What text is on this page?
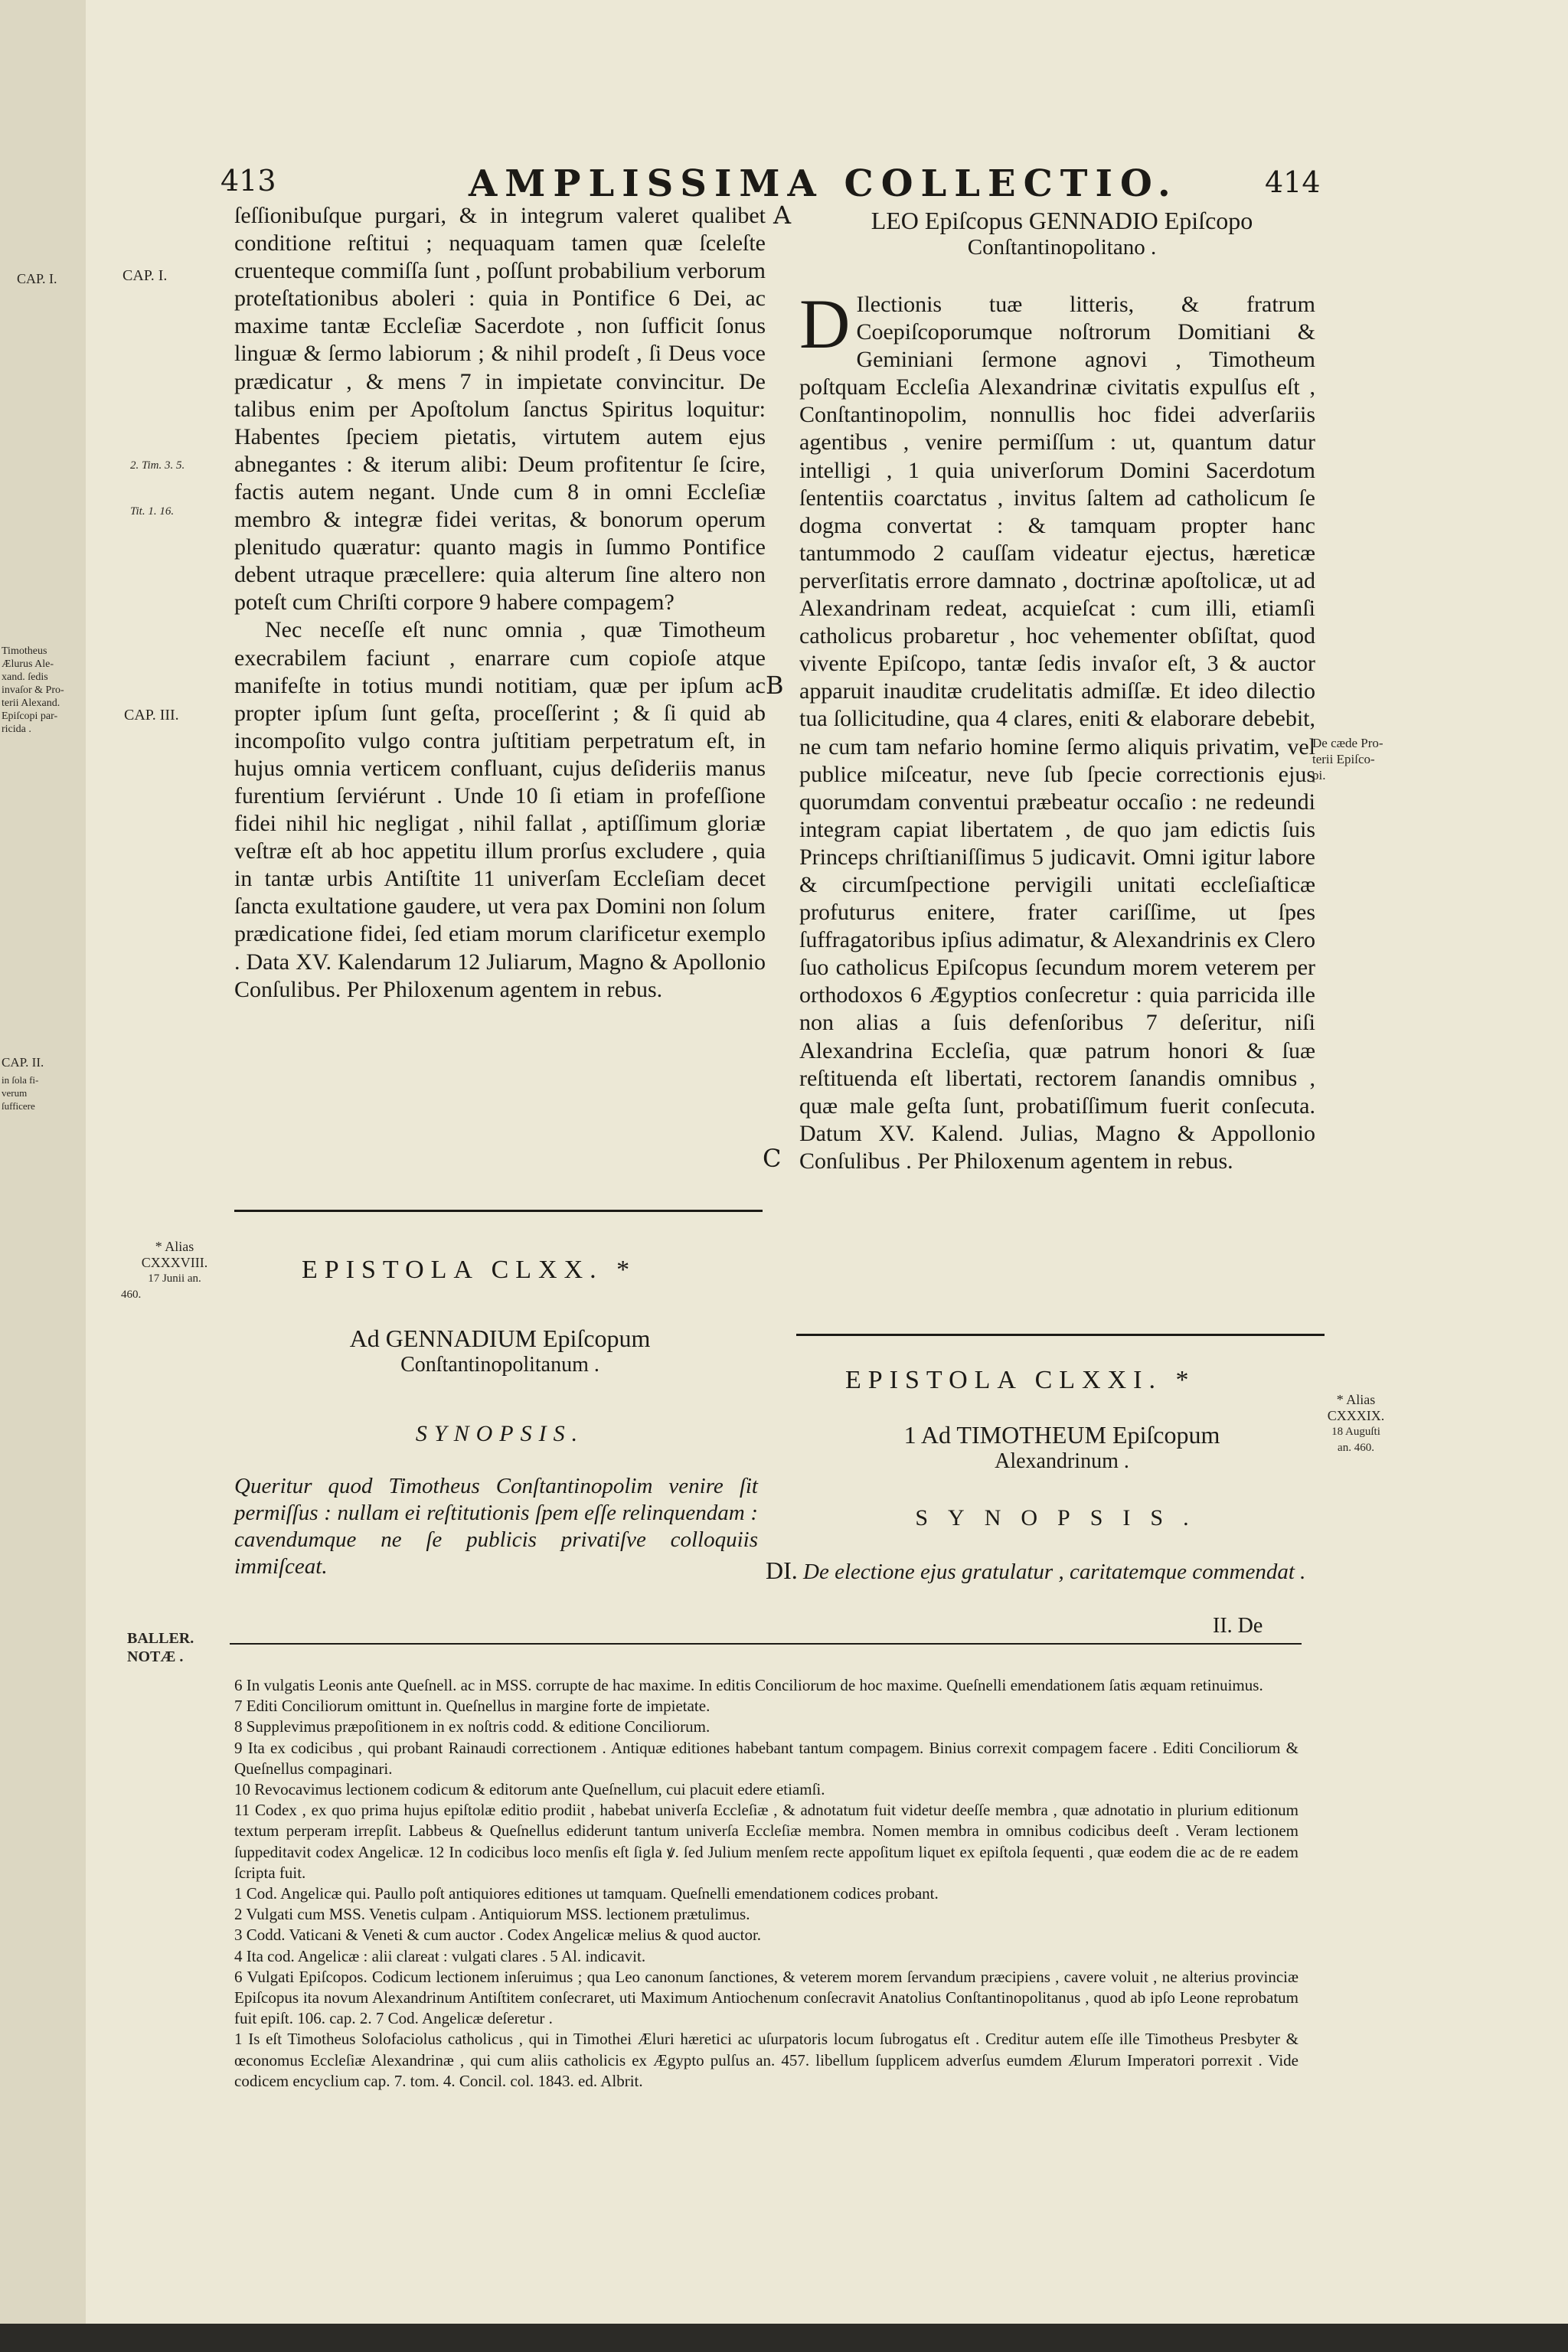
CAP. I.
Timotheus
Ælurus Ale-
xand. ſedis
invaſor & Pro-
terii Alexand.
Epiſcopi par-
ricida .
CAP. II.
in ſola fi-
verum
ſufficere
413	AMPLISSIMA COLLECTIO.	414
A
B
C

ſeſſionibuſque purgari, & in integrum valeret qualibet conditione reſtitui ; nequaquam tamen quæ ſceleſte cruenteque commiſſa ſunt , poſſunt probabilium verborum proteſtationibus aboleri : quia in Pontifice 6 Dei, ac maxime tantæ Eccleſiæ Sacerdote , non ſufficit ſonus linguæ & ſermo labiorum ; & nihil prodeſt , ſi Deus voce prædicatur , & mens 7 in impietate convincitur. De talibus enim per Apoſtolum ſanctus Spiritus loquitur: Habentes ſpeciem pietatis, virtutem autem ejus abnegantes : & iterum alibi: Deum profitentur ſe ſcire, factis autem negant. Unde cum 8 in omni Eccleſiæ membro & integræ fidei veritas, & bonorum operum plenitudo quæratur: quanto magis in ſummo Pontifice debent utraque præcellere: quia alterum ſine altero non poteſt cum Chriſti corpore 9 habere compagem?

Nec neceſſe eſt nunc omnia , quæ Timotheum execrabilem faciunt , enarrare cum copioſe atque manifeſte in totius mundi notitiam, quæ per ipſum ac propter ipſum ſunt geſta, proceſſerint ; & ſi quid ab incompoſito vulgo contra juſtitiam perpetratum eſt, in hujus omnia verticem confluant, cujus deſideriis manus furentium ſerviérunt . Unde 10 ſi etiam in profeſſione fidei nihil hic negligat , nihil fallat , aptiſſimum gloriæ veſtræ eſt ab hoc appetitu illum prorſus excludere , quia in tantæ urbis Antiſtite 11 univerſam Eccleſiam decet ſancta exultatione gaudere, ut vera pax Domini non ſolum prædicatione fidei, ſed etiam morum clarificetur exemplo . Data XV. Kalendarum 12 Juliarum, Magno & Apollonio Conſulibus. Per Philoxenum agentem in rebus.

CAP. I.
2. Tim. 3. 5.
Tit. 1. 16.
CAP. III.
* Alias
CXXXVIII.
17 Junii an.
460.
BALLER.
NOTÆ .
EPISTOLA CLXX. *
Ad GENNADIUM Epiſcopum
Conſtantinopolitanum .
SYNOPSIS.
Queritur quod Timotheus Conſtantinopolim venire ſit permiſſus : nullam ei reſtitutionis ſpem eſſe relinquendam : cavendumque ne ſe publicis privatiſve colloquiis immiſceat.
LEO Epiſcopus GENNADIO Epiſcopo
Conſtantinopolitano .
D Ilectionis tuæ litteris, & fratrum Coepiſcoporumque noſtrorum Domitiani & Geminiani ſermone agnovi , Timotheum poſtquam Eccleſia Alexandrinæ civitatis expulſus eſt , Conſtantinopolim, nonnullis hoc fidei adverſariis agentibus , venire permiſſum : ut, quantum datur intelligi , 1 quia univerſorum Domini Sacerdotum ſententiis coarctatus , invitus ſaltem ad catholicum ſe dogma convertat : & tamquam propter hanc tantummodo 2 cauſſam videatur ejectus, hæreticæ perverſitatis errore damnato , doctrinæ apoſtolicæ, ut ad Alexandrinam redeat, acquieſcat : cum illi, etiamſi catholicus probaretur , hoc vehementer obſiſtat, quod vivente Epiſcopo, tantæ ſedis invaſor eſt, 3 & auctor apparuit inauditæ crudelitatis admiſſæ. Et ideo dilectio tua ſollicitudine, qua 4 clares, eniti & elaborare debebit, ne cum tam nefario homine ſermo aliquis privatim, vel publice miſceatur, neve ſub ſpecie correctionis ejus quorumdam conventui præbeatur occaſio : ne redeundi integram capiat libertatem , de quo jam edictis ſuis Princeps chriſtianiſſimus 5 judicavit. Omni igitur labore & circumſpectione pervigili unitati eccleſiaſticæ profuturus enitere, frater cariſſime, ut ſpes ſuffragatoribus ipſius adimatur, & Alexandrinis ex Clero ſuo catholicus Epiſcopus ſecundum morem veterem per orthodoxos 6 Ægyptios conſecretur : quia parricida ille non alias a ſuis defenſoribus 7 deſeritur, niſi Alexandrina Eccleſia, quæ patrum honori & ſuæ reſtituenda eſt libertati, rectorem ſanandis omnibus , quæ male geſta ſunt, probatiſſimum fuerit conſecuta. Datum XV. Kalend. Julias, Magno & Appollonio Conſulibus . Per Philoxenum agentem in rebus.
De cæde Pro-
terii Epiſco-
pi.
* Alias
CXXXIX.
18 Auguſti
an. 460.
EPISTOLA CLXXI. *
1 Ad TIMOTHEUM Epiſcopum
Alexandrinum .
SYNOPSIS.
DI. De electione ejus gratulatur , caritatemque commendat .
II. De
6 In vulgatis Leonis ante Queſnell. ac in MSS. corrupte de hac maxime. In editis Conciliorum de hoc maxime. Queſnelli emendationem ſatis æquam retinuimus.
7 Editi Conciliorum omittunt in. Queſnellus in margine forte de impietate.
8 Supplevimus præpoſitionem in ex noſtris codd. & editione Conciliorum.
9 Ita ex codicibus , qui probant Rainaudi correctionem . Antiquæ editiones habebant tantum compagem. Binius correxit compagem facere . Editi Conciliorum & Queſnellus compaginari.
10 Revocavimus lectionem codicum & editorum ante Queſnellum, cui placuit edere etiamſi.
11 Codex , ex quo prima hujus epiſtolæ editio prodiit , habebat univerſa Eccleſiæ , & adnotatum fuit videtur deeſſe membra , quæ adnotatio in plurium editionum textum perperam irrepſit. Labbeus & Queſnellus ediderunt tantum univerſa Eccleſiæ membra. Nomen membra in omnibus codicibus deeſt . Veram lectionem ſuppeditavit codex Angelicæ. 12 In codicibus loco menſis eſt ſigla ꝟ. ſed Julium menſem recte appoſitum liquet ex epiſtola ſequenti , quæ eodem die ac de re eadem ſcripta fuit.
1 Cod. Angelicæ qui. Paullo poſt antiquiores editiones ut tamquam. Queſnelli emendationem codices probant.
2 Vulgati cum MSS. Venetis culpam . Antiquiorum MSS. lectionem prætulimus.
3 Codd. Vaticani & Veneti & cum auctor . Codex Angelicæ melius & quod auctor.
4 Ita cod. Angelicæ : alii clareat : vulgati clares . 5 Al. indicavit.
6 Vulgati Epiſcopos. Codicum lectionem inſeruimus ; qua Leo canonum ſanctiones, & veterem morem ſervandum præcipiens , cavere voluit , ne alterius provinciæ Epiſcopus ita novum Alexandrinum Antiſtitem conſecraret, uti Maximum Antiochenum conſecravit Anatolius Conſtantinopolitanus , quod ab ipſo Leone reprobatum fuit epiſt. 106. cap. 2. 7 Cod. Angelicæ deſeretur .
1 Is eſt Timotheus Solofaciolus catholicus , qui in Timothei Æluri hæretici ac uſurpatoris locum ſubrogatus eſt . Creditur autem eſſe ille Timotheus Presbyter & œconomus Eccleſiæ Alexandrinæ , qui cum aliis catholicis ex Ægypto pulſus an. 457. libellum ſupplicem adverſus eumdem Ælurum Imperatori porrexit . Vide codicem encyclium cap. 7. tom. 4. Concil. col. 1843. ed. Albrit.
